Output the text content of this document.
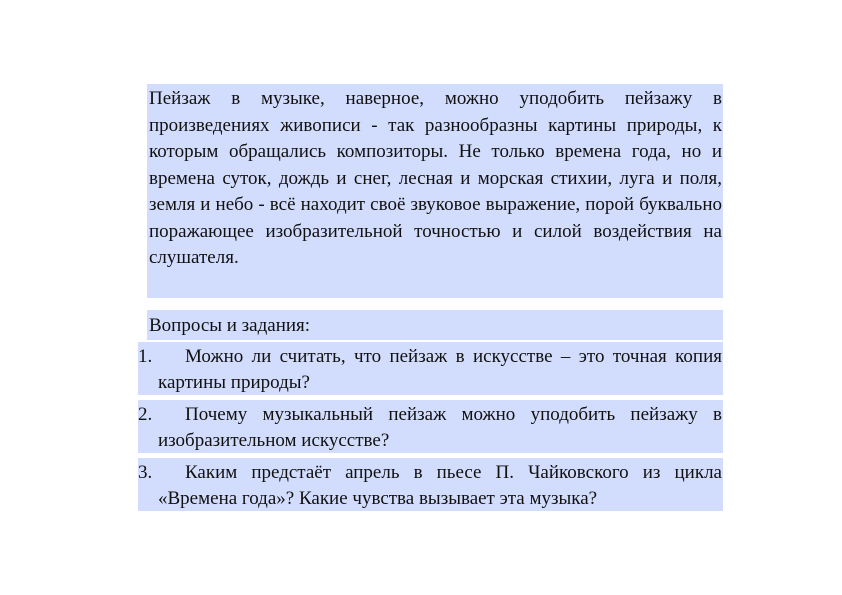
Пейзаж в музыке, наверное, можно уподобить пейзажу в произведениях живописи - так разнообразны картины природы, к которым обращались композиторы. Не только времена года, но и времена суток, дождь и снег, лесная и морская стихии, луга и поля, земля и небо - всё находит своё звуковое выражение, порой буквально поражающее изобразительной точностью и силой воздействия на слушателя.

Вопросы и задания:

1. Можно ли считать, что пейзаж в искусстве – это точная копия картины природы?

2. Почему музыкальный пейзаж можно уподобить пейзажу в изобразительном искусстве?

3. Каким предстаёт апрель в пьесе П. Чайковского из цикла «Времена года»? Какие чувства вызывает эта музыка?
